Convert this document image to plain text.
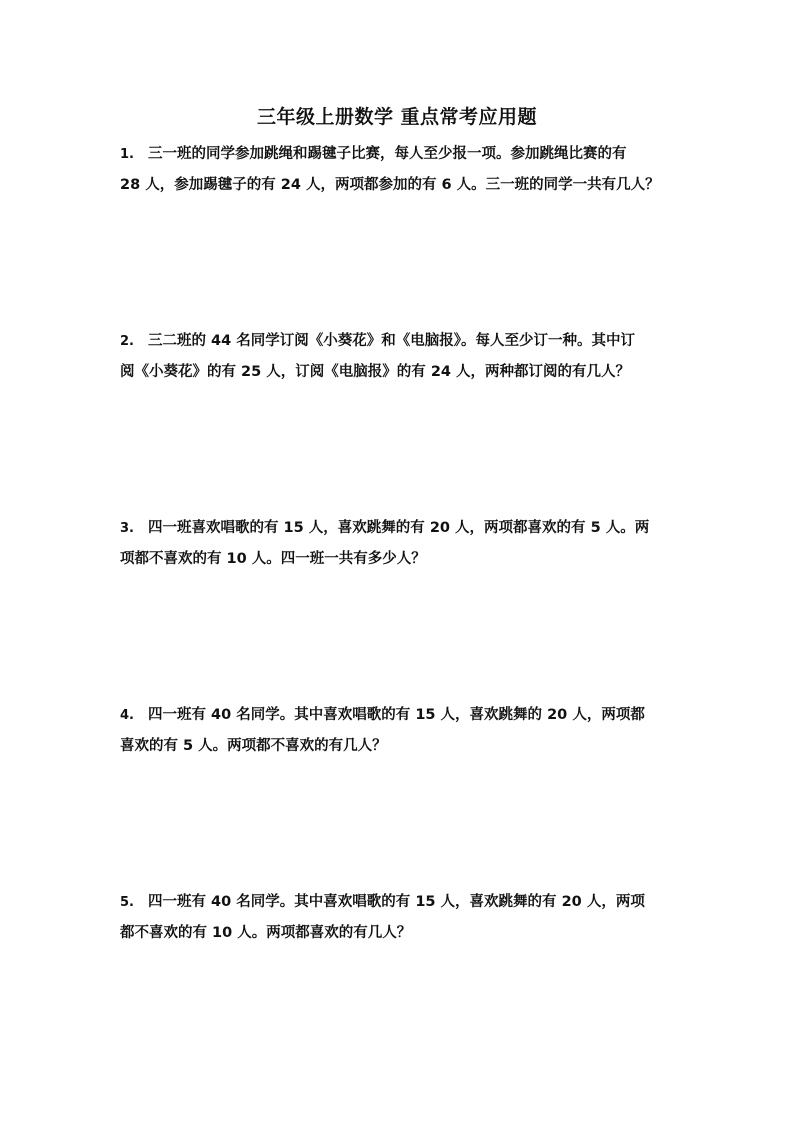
三年级上册数学 重点常考应用题
1. 三一班的同学参加跳绳和踢毽子比赛，每人至少报一项。参加跳绳比赛的有
28 人，参加踢毽子的有 24 人，两项都参加的有 6 人。三一班的同学一共有几人？
2. 三二班的 44 名同学订阅《小葵花》和《电脑报》。每人至少订一种。其中订
阅《小葵花》的有 25 人，订阅《电脑报》的有 24 人，两种都订阅的有几人？
3. 四一班喜欢唱歌的有 15 人，喜欢跳舞的有 20 人，两项都喜欢的有 5 人。两
项都不喜欢的有 10 人。四一班一共有多少人？
4. 四一班有 40 名同学。其中喜欢唱歌的有 15 人，喜欢跳舞的 20 人，两项都
喜欢的有 5 人。两项都不喜欢的有几人？
5. 四一班有 40 名同学。其中喜欢唱歌的有 15 人，喜欢跳舞的有 20 人，两项
都不喜欢的有 10 人。两项都喜欢的有几人？
